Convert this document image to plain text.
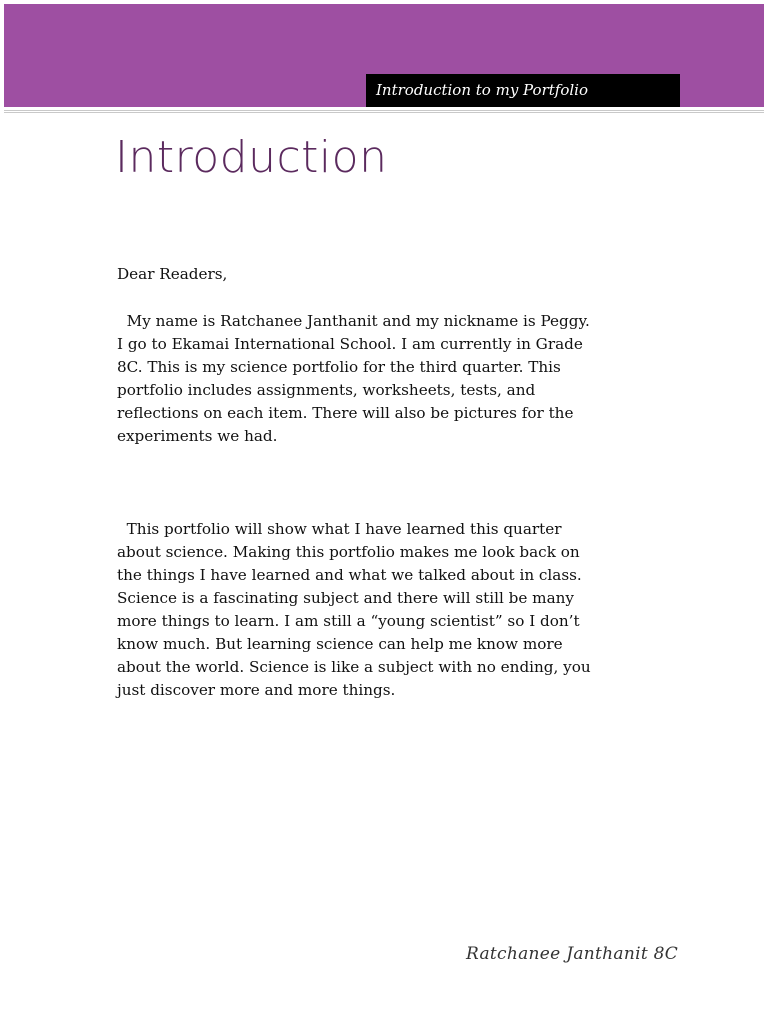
Introduction to my Portfolio
Introduction
Dear Readers,
My name is Ratchanee Janthanit and my nickname is Peggy.
I go to Ekamai International School. I am currently in Grade
8C. This is my science portfolio for the third quarter. This
portfolio includes assignments, worksheets, tests, and
reflections on each item. There will also be pictures for the
experiments we had.
This portfolio will show what I have learned this quarter
about science. Making this portfolio makes me look back on
the things I have learned and what we talked about in class.
Science is a fascinating subject and there will still be many
more things to learn. I am still a “young scientist” so I don’t
know much. But learning science can help me know more
about the world. Science is like a subject with no ending, you
just discover more and more things.
Ratchanee Janthanit 8C
